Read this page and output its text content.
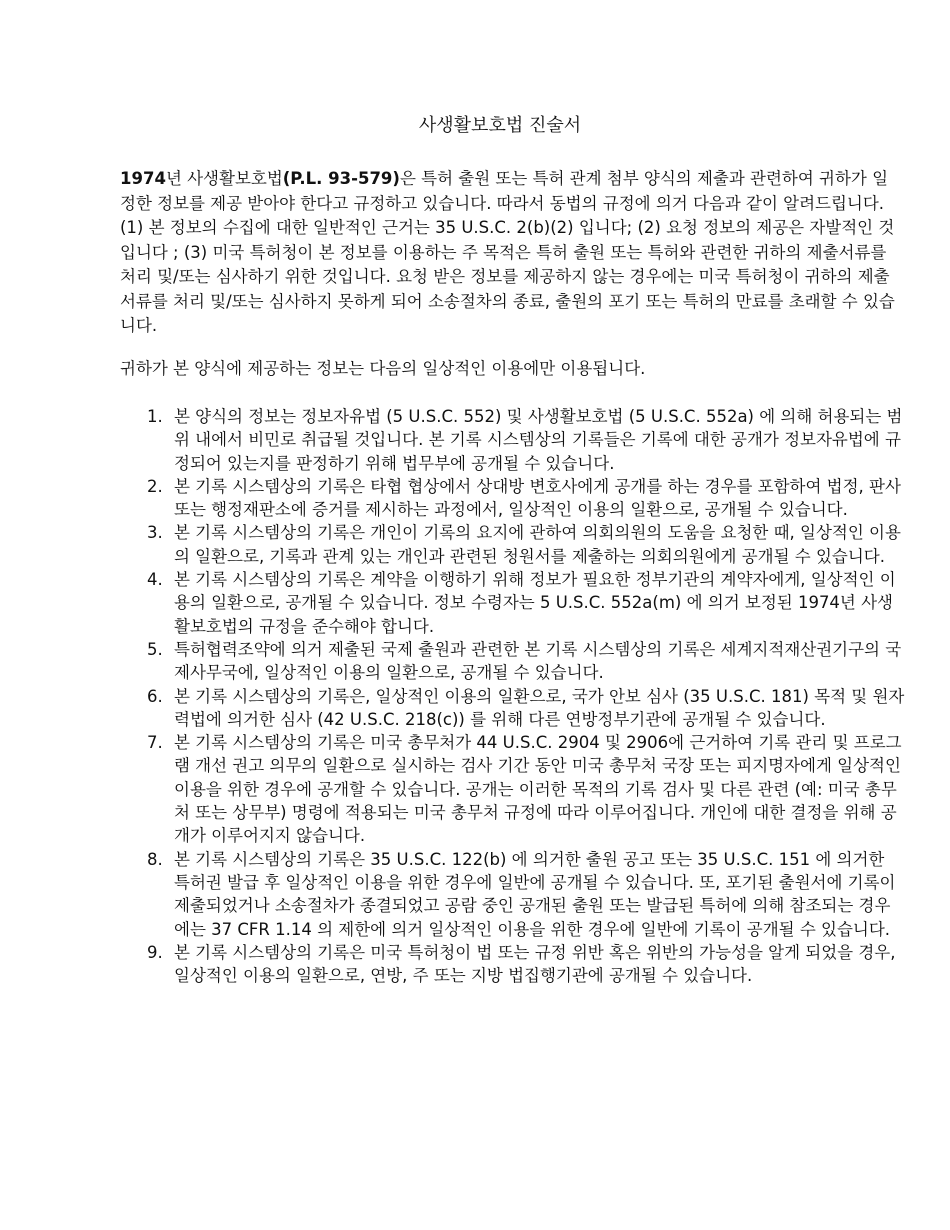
사생활보호법 진술서

1974년 사생활보호법(P.L. 93-579)은 특허 출원 또는 특허 관계 첨부 양식의 제출과 관련하여 귀하가 일정한 정보를 제공 받아야 한다고 규정하고 있습니다. 따라서 동법의 규정에 의거 다음과 같이 알려드립니다. (1) 본 정보의 수집에 대한 일반적인 근거는 35 U.S.C. 2(b)(2) 입니다; (2) 요청 정보의 제공은 자발적인 것입니다 ; (3) 미국 특허청이 본 정보를 이용하는 주 목적은 특허 출원 또는 특허와 관련한 귀하의 제출서류를 처리 및/또는 심사하기 위한 것입니다. 요청 받은 정보를 제공하지 않는 경우에는 미국 특허청이 귀하의 제출 서류를 처리 및/또는 심사하지 못하게 되어 소송절차의 종료, 출원의 포기 또는 특허의 만료를 초래할 수 있습니다.

귀하가 본 양식에 제공하는 정보는 다음의 일상적인 이용에만 이용됩니다.

1. 본 양식의 정보는 정보자유법 (5 U.S.C. 552) 및 사생활보호법 (5 U.S.C. 552a) 에 의해 허용되는 범위 내에서 비민로 취급될 것입니다. 본 기록 시스템상의 기록들은 기록에 대한 공개가 정보자유법에 규정되어 있는지를 판정하기 위해 법무부에 공개될 수 있습니다.
2. 본 기록 시스템상의 기록은 타협 협상에서 상대방 변호사에게 공개를 하는 경우를 포함하여 법정, 판사 또는 행정재판소에 증거를 제시하는 과정에서, 일상적인 이용의 일환으로, 공개될 수 있습니다.
3. 본 기록 시스템상의 기록은 개인이 기록의 요지에 관하여 의회의원의 도움을 요청한 때, 일상적인 이용의 일환으로, 기록과 관계 있는 개인과 관련된 청원서를 제출하는 의회의원에게 공개될 수 있습니다.
4. 본 기록 시스템상의 기록은 계약을 이행하기 위해 정보가 필요한 정부기관의 계약자에게, 일상적인 이용의 일환으로, 공개될 수 있습니다. 정보 수령자는 5 U.S.C. 552a(m) 에 의거 보정된 1974년 사생활보호법의 규정을 준수해야 합니다.
5. 특허협력조약에 의거 제출된 국제 출원과 관련한 본 기록 시스템상의 기록은 세계지적재산권기구의 국제사무국에, 일상적인 이용의 일환으로, 공개될 수 있습니다.
6. 본 기록 시스템상의 기록은, 일상적인 이용의 일환으로, 국가 안보 심사 (35 U.S.C. 181) 목적 및 원자력법에 의거한 심사 (42 U.S.C. 218(c)) 를 위해 다른 연방정부기관에 공개될 수 있습니다.
7. 본 기록 시스템상의 기록은 미국 총무처가 44 U.S.C. 2904 및 2906에 근거하여 기록 관리 및 프로그램 개선 권고 의무의 일환으로 실시하는 검사 기간 동안 미국 총무처 국장 또는 피지명자에게 일상적인 이용을 위한 경우에 공개할 수 있습니다. 공개는 이러한 목적의 기록 검사 및 다른 관련 (예: 미국 총무처 또는 상무부) 명령에 적용되는 미국 총무처 규정에 따라 이루어집니다. 개인에 대한 결정을 위해 공개가 이루어지지 않습니다.
8. 본 기록 시스템상의 기록은 35 U.S.C. 122(b) 에 의거한 출원 공고 또는 35 U.S.C. 151 에 의거한 특허권 발급 후 일상적인 이용을 위한 경우에 일반에 공개될 수 있습니다. 또, 포기된 출원서에 기록이 제출되었거나 소송절차가 종결되었고 공람 중인 공개된 출원 또는 발급된 특허에 의해 참조되는 경우에는 37 CFR 1.14 의 제한에 의거 일상적인 이용을 위한 경우에 일반에 기록이 공개될 수 있습니다.
9. 본 기록 시스템상의 기록은 미국 특허청이 법 또는 규정 위반 혹은 위반의 가능성을 알게 되었을 경우, 일상적인 이용의 일환으로, 연방, 주 또는 지방 법집행기관에 공개될 수 있습니다.
